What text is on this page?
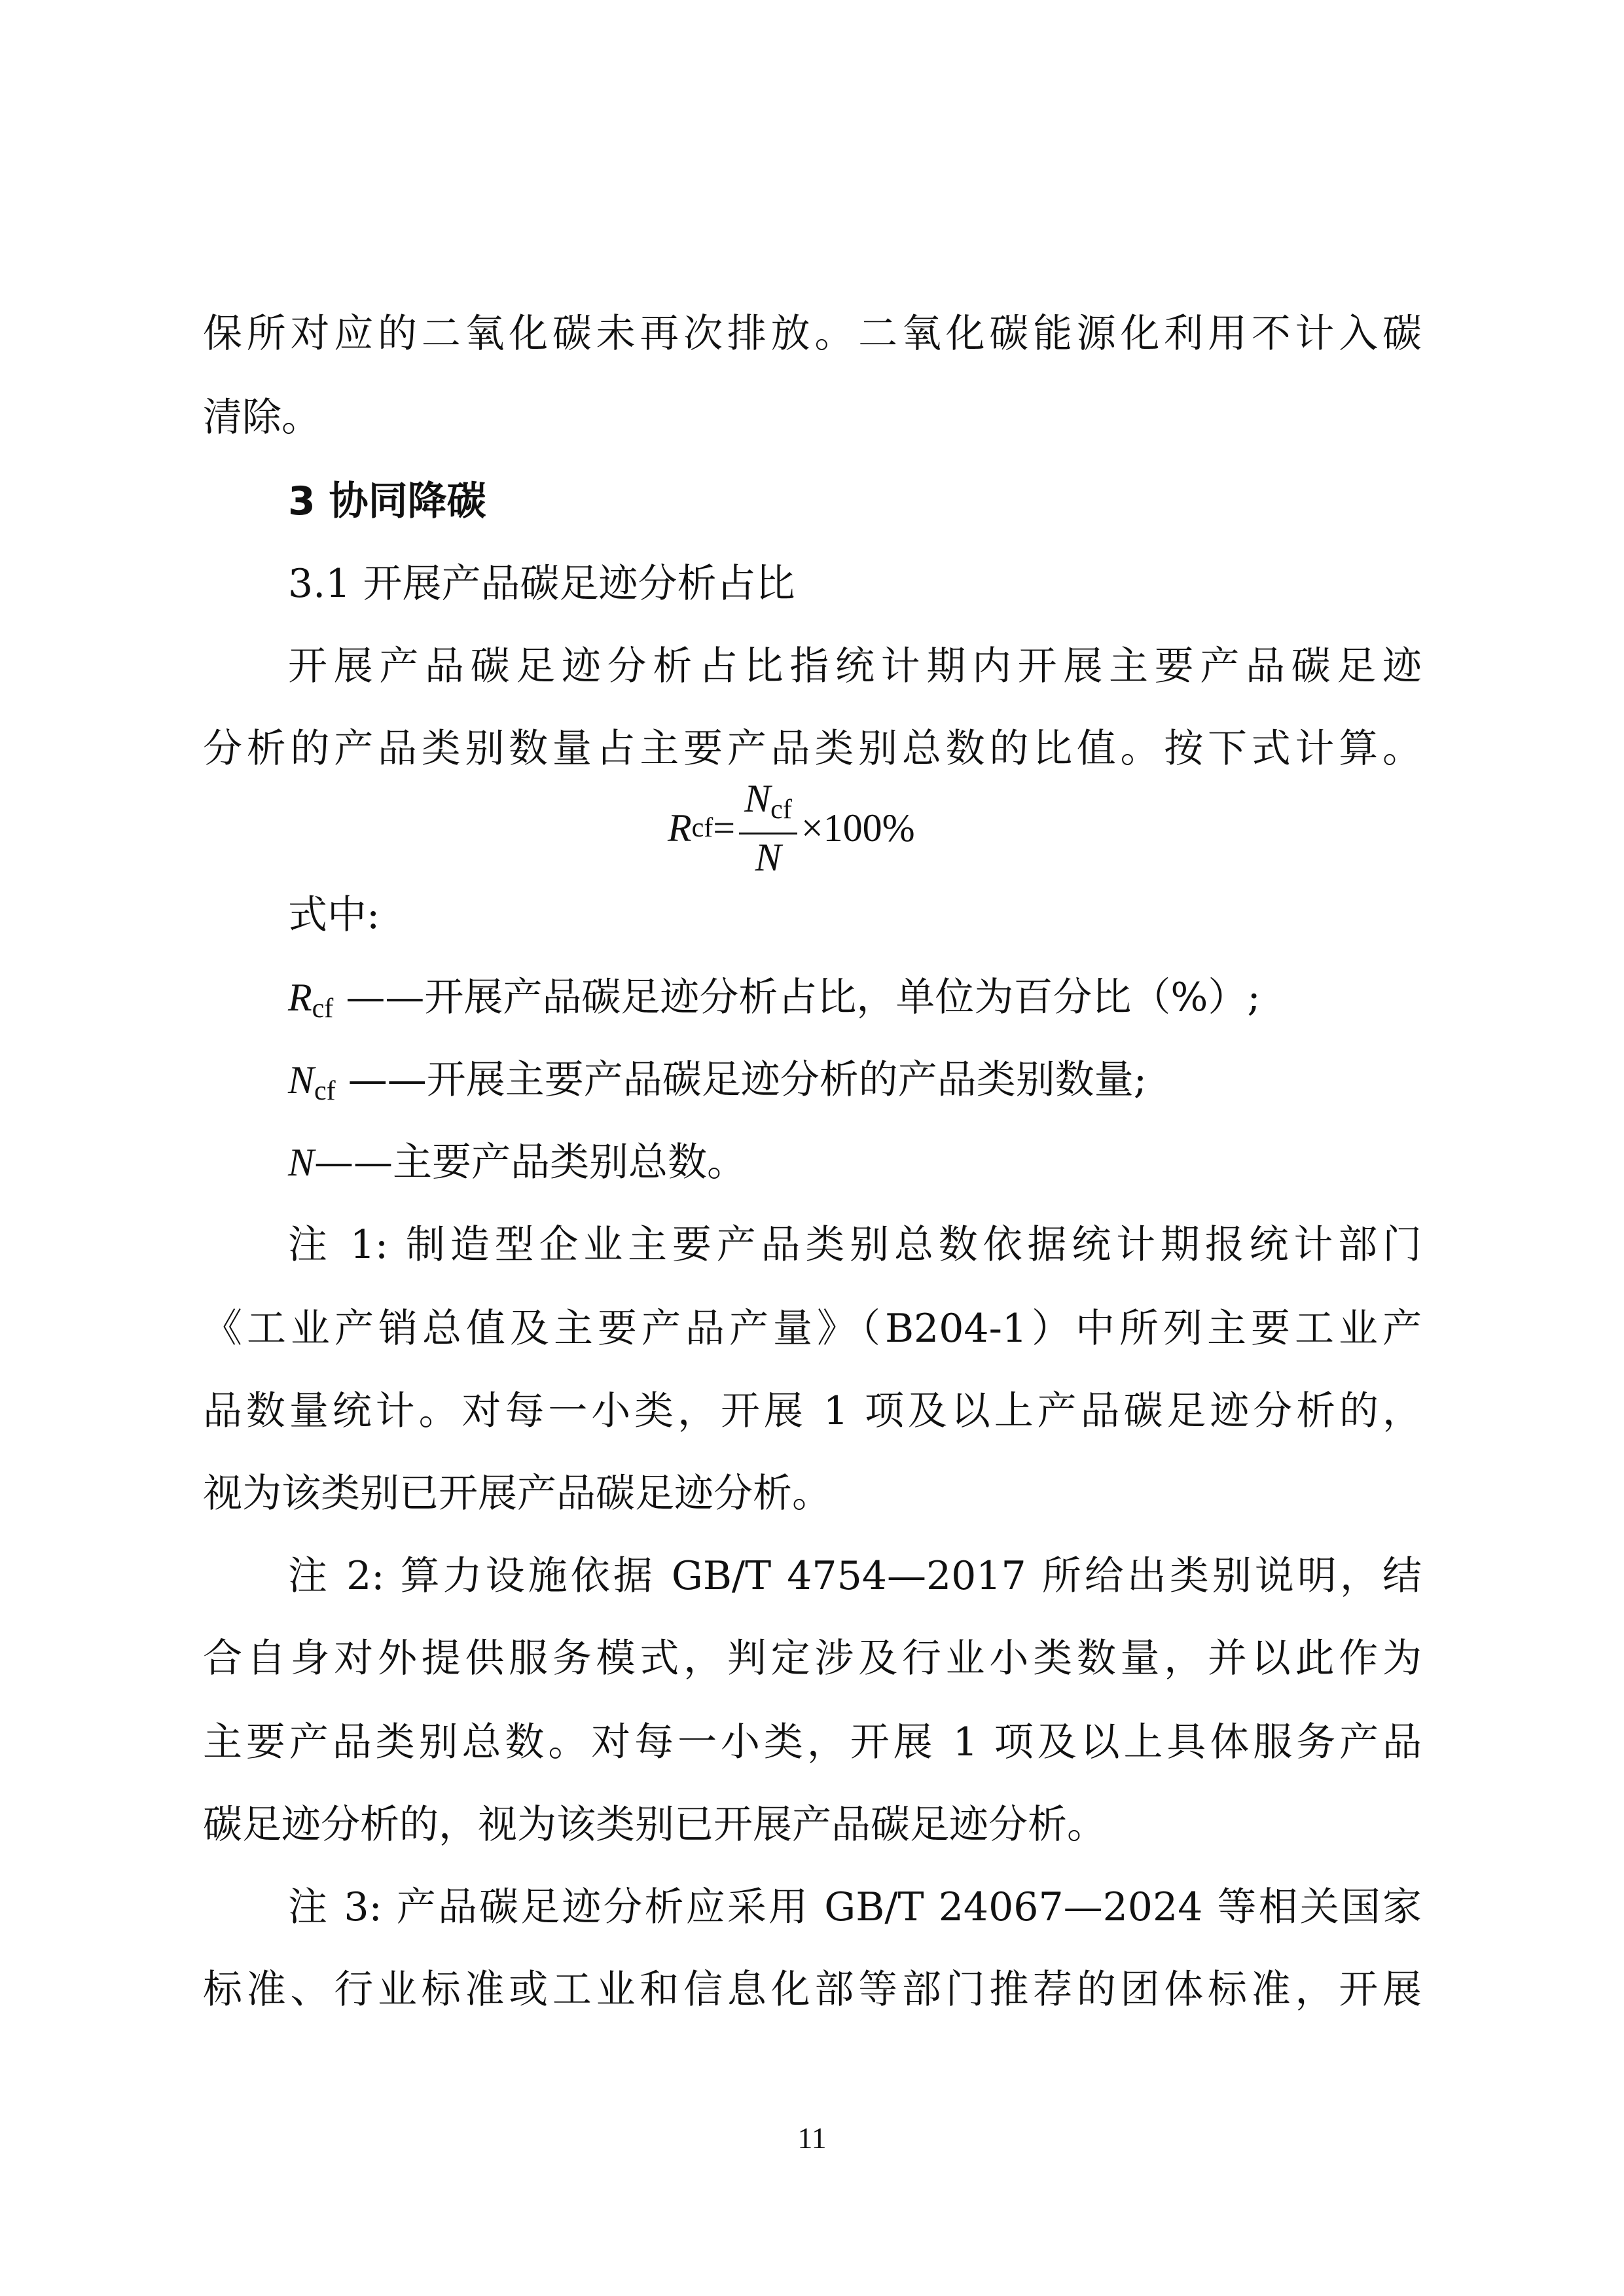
保所对应的二氧化碳未再次排放。二氧化碳能源化利用不计入碳
清除。
3 协同降碳
3.1 开展产品碳足迹分析占比
开展产品碳足迹分析占比指统计期内开展主要产品碳足迹
分析的产品类别数量占主要产品类别总数的比值。按下式计算。
R cf = $\frac{N_{cf}}{N} \times 100\%$
式中:
$R_{cf}$ ——开展产品碳足迹分析占比，单位为百分比（%）;
$N_{cf}$ ——开展主要产品碳足迹分析的产品类别数量;
N——主要产品类别总数。
注 1: 制造型企业主要产品类别总数依据统计期报统计部门
《工业产销总值及主要产品产量》（B204-1）中所列主要工业产
品数量统计。对每一小类，开展 1 项及以上产品碳足迹分析的，
视为该类别已开展产品碳足迹分析。
注 2: 算力设施依据 GB/T 4754—2017 所给出类别说明，结
合自身对外提供服务模式，判定涉及行业小类数量，并以此作为
主要产品类别总数。对每一小类，开展 1 项及以上具体服务产品
碳足迹分析的，视为该类别已开展产品碳足迹分析。
注 3: 产品碳足迹分析应采用 GB/T 24067—2024 等相关国家
标准、行业标准或工业和信息化部等部门推荐的团体标准，开展
11
